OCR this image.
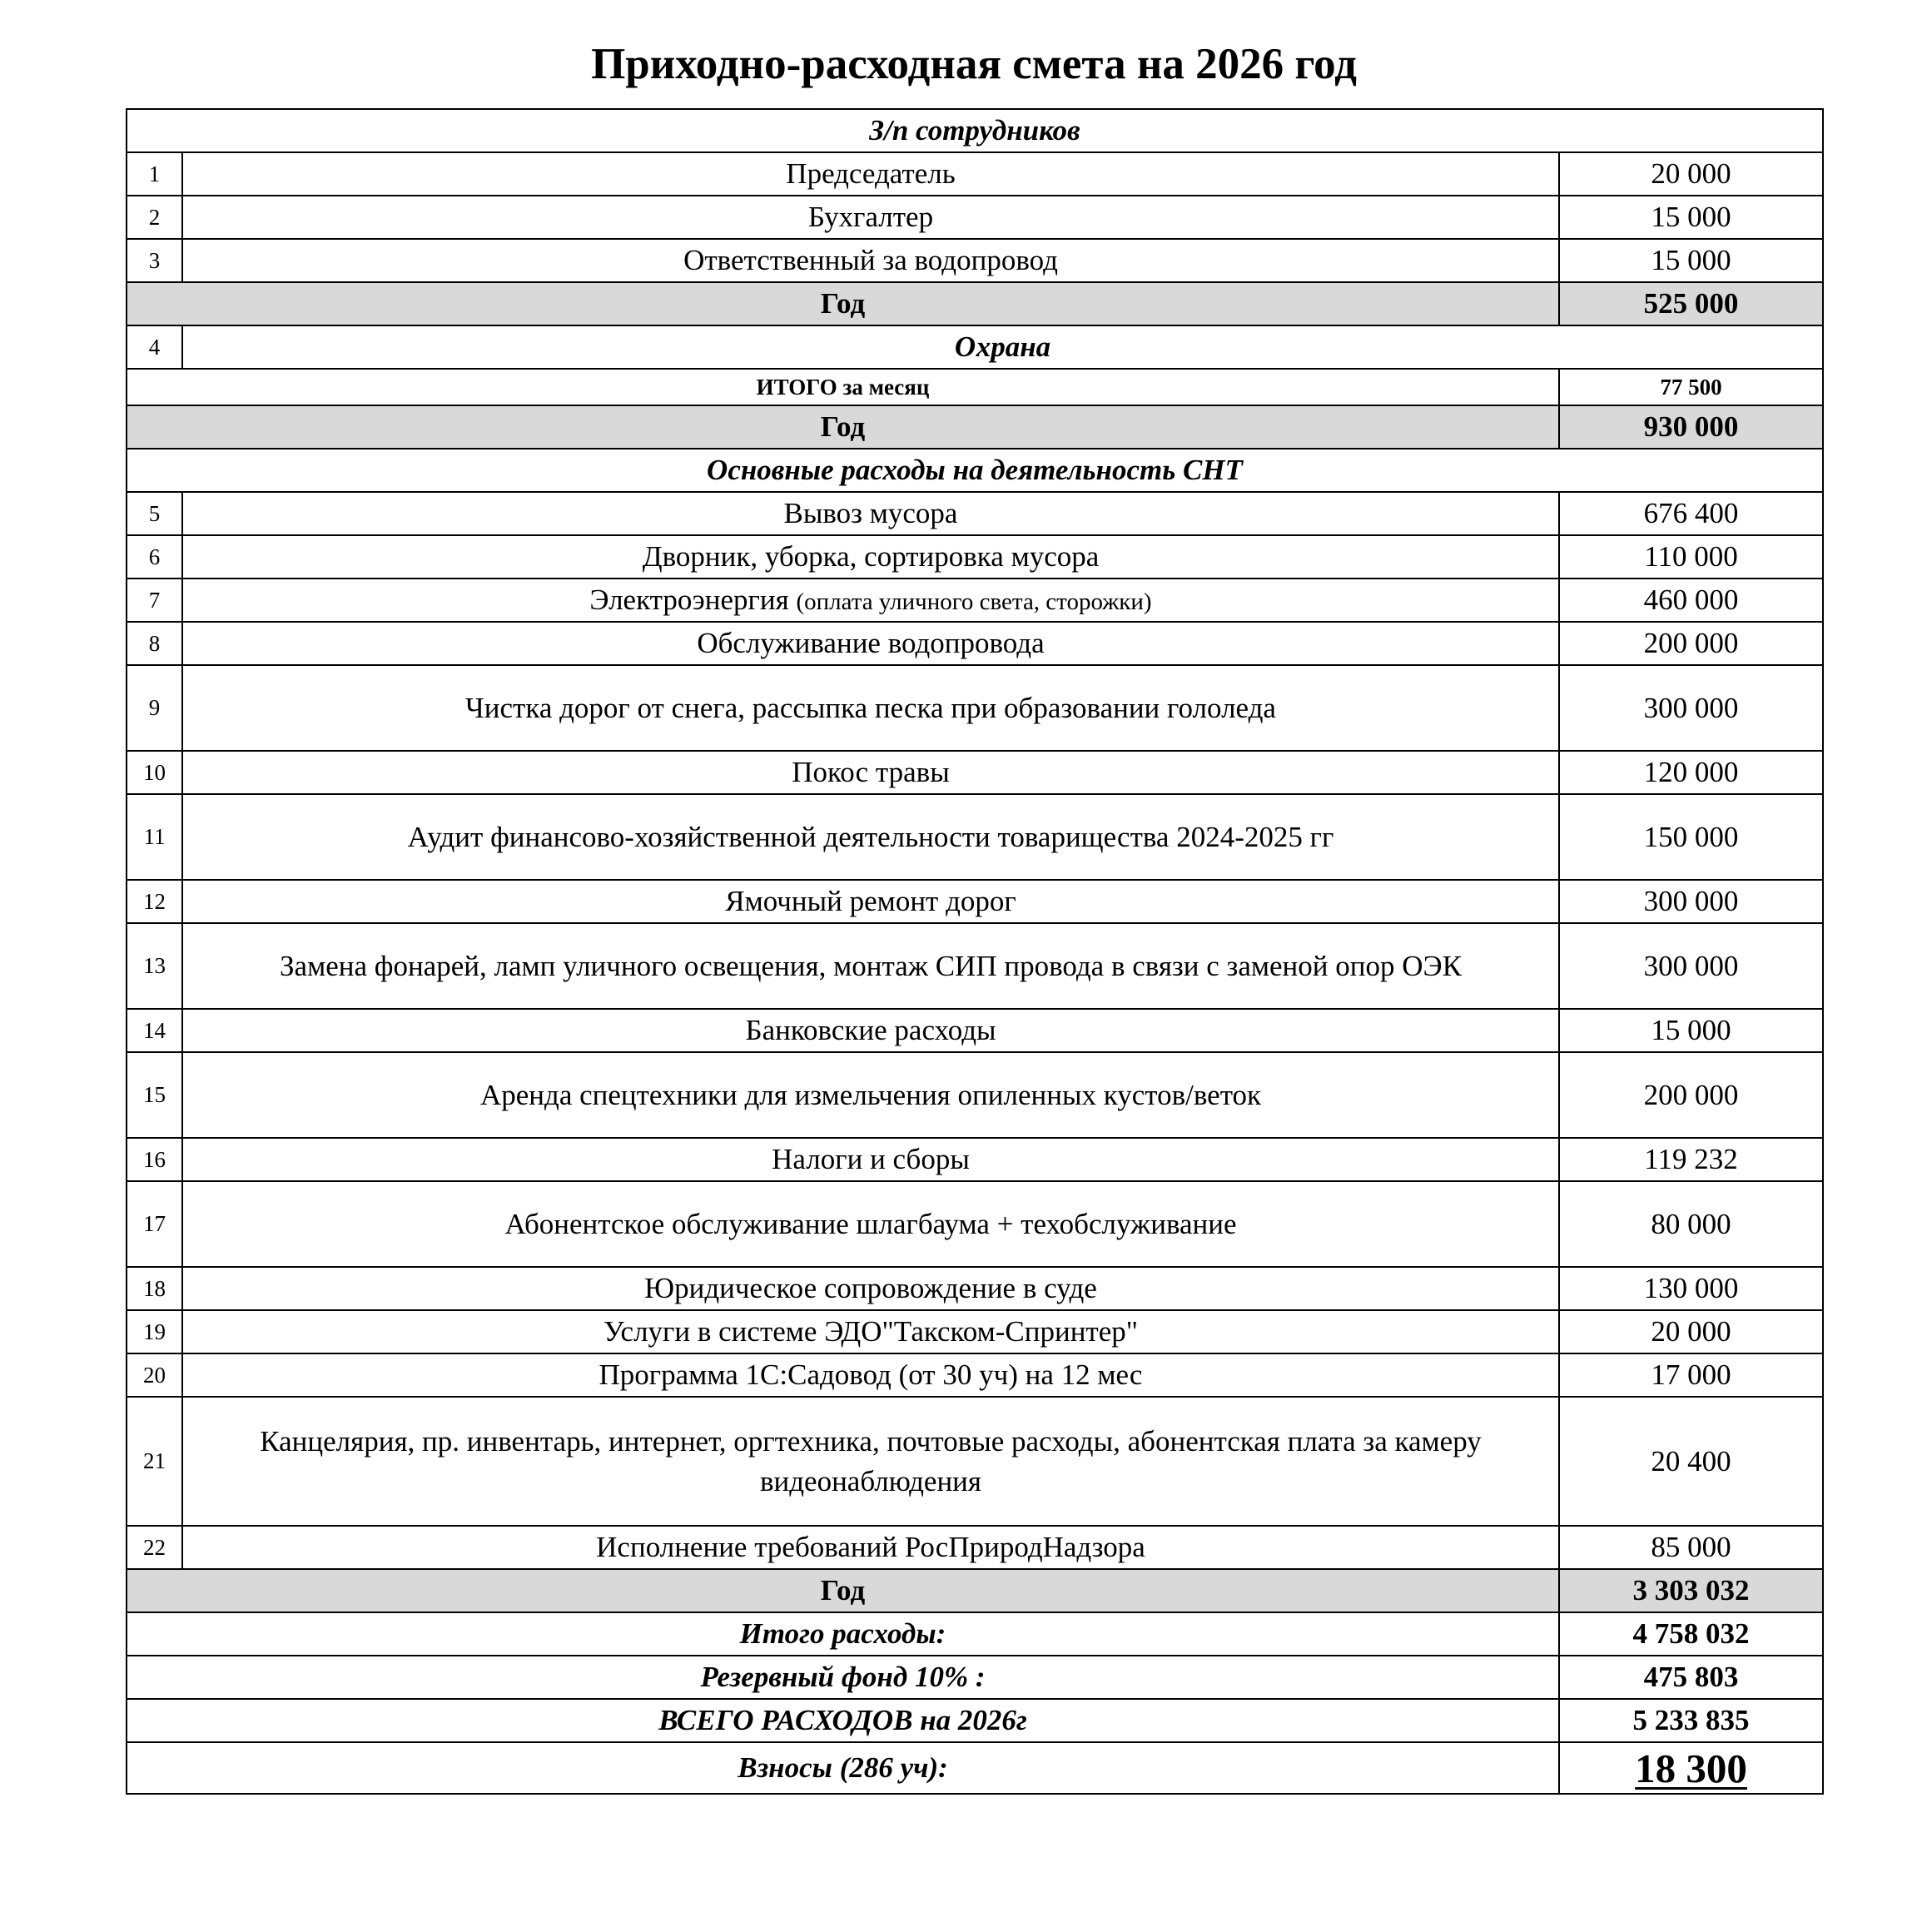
Приходно-расходная смета на 2026 год
З/п сотрудников		
1	Председатель	20 000
2	Бухгалтер	15 000
3	Ответственный за водопровод	15 000
Год		525 000
4	Охрана	
ИТОГО за месяц		77 500
Год		930 000
Основные расходы на деятельность СНТ		
5	Вывоз мусора	676 400
6	Дворник, уборка, сортировка мусора	110 000
7	Электроэнергия (оплата уличного света, сторожки)	460 000
8	Обслуживание водопровода	200 000
9	Чистка дорог от снега, рассыпка песка при образовании гололеда	300 000
10	Покос травы	120 000
11	Аудит финансово-хозяйственной деятельности товарищества 2024-2025 гг	150 000
12	Ямочный ремонт дорог	300 000
13	Замена фонарей, ламп уличного освещения, монтаж СИП провода в связи с заменой опор ОЭК	300 000
14	Банковские расходы	15 000
15	Аренда спецтехники для измельчения опиленных кустов/веток	200 000
16	Налоги и сборы	119 232
17	Абонентское обслуживание шлагбаума + техобслуживание	80 000
18	Юридическое сопровождение в суде	130 000
19	Услуги в системе ЭДО"Такском-Спринтер"	20 000
20	Программа 1С:Садовод (от 30 уч) на 12 мес	17 000
21	Канцелярия, пр. инвентарь, интернет, оргтехника, почтовые расходы, абонентская плата за камеру видеонаблюдения	20 400
22	Исполнение требований РосПриродНадзора	85 000
Год		3 303 032
Итого расходы:		4 758 032
Резервный фонд 10% :		475 803
ВСЕГО РАСХОДОВ на 2026г		5 233 835
Взносы (286 уч):		18 300
